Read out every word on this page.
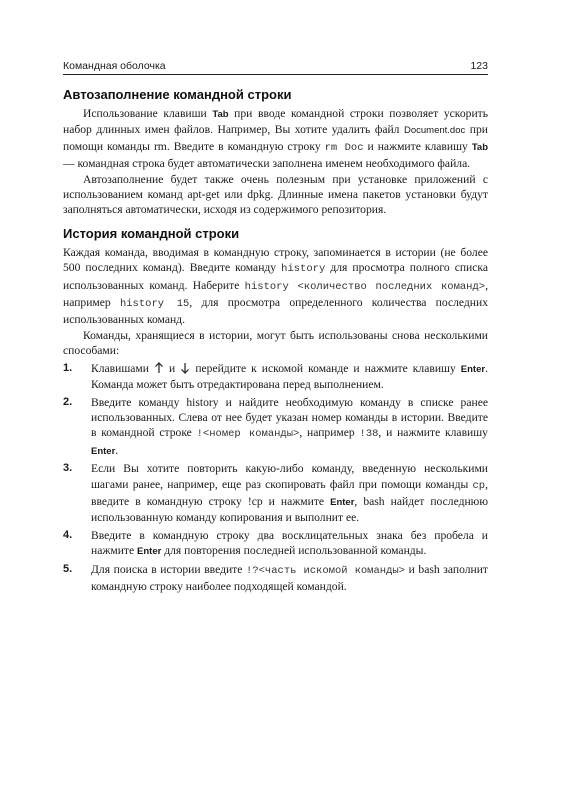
Командная оболочка	123
Автозаполнение командной строки

Использование клавиши Tab при вводе командной строки позволяет ускорить набор длинных имен файлов. Например, Вы хотите удалить файл Document.doc при помощи команды rm. Введите в командную строку rm Doc и нажмите клавишу Tab — командная строка будет автоматически заполнена именем необходимого файла.

Автозаполнение будет также очень полезным при установке приложений с использованием команд apt-get или dpkg. Длинные имена пакетов установки будут заполняться автоматически, исходя из содержимого репозитория.

История командной строки

Каждая команда, вводимая в командную строку, запоминается в истории (не более 500 последних команд). Введите команду history для просмотра полного списка использованных команд. Наберите history <количество последних команд>, например history 15, для просмотра определенного количества последних использованных команд.

Команды, хранящиеся в истории, могут быть использованы снова несколькими способами:

1. Клавишами и перейдите к искомой команде и нажмите клавишу Enter. Команда может быть отредактирована перед выполнением.
2. Введите команду history и найдите необходимую команду в списке ранее использованных. Слева от нее будет указан номер команды в истории. Введите в командной строке !<номер команды>, например !38, и нажмите клавишу Enter.
3. Если Вы хотите повторить какую-либо команду, введенную несколькими шагами ранее, например, еще раз скопировать файл при помощи команды cp, введите в командную строку !cp и нажмите Enter, bash найдет последнюю использованную команду копирования и выполнит ее.
4. Введите в командную строку два восклицательных знака без пробела и нажмите Enter для повторения последней использованной команды.
5. Для поиска в истории введите !?<часть искомой команды> и bash заполнит командную строку наиболее подходящей командой.
